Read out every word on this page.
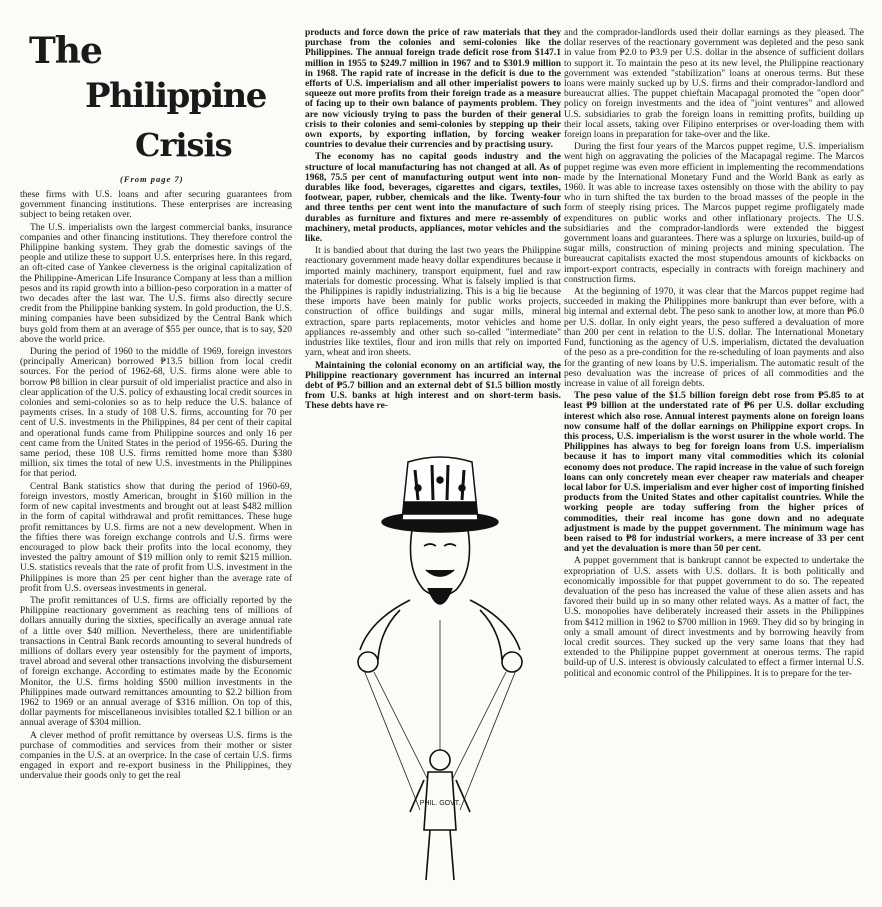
The
Philippine
Crisis
(From page 7)

these firms with U.S. loans and after securing guarantees from government financing institutions. These enterprises are increasing subject to being retaken over.

The U.S. imperialists own the largest commercial banks, insurance companies and other financing institutions. They therefore control the Philippine banking system. They grab the domestic savings of the people and utilize these to support U.S. enterprises here. In this regard, an oft-cited case of Yankee cleverness is the original capitalization of the Philippine-American Life Insurance Company at less than a million pesos and its rapid growth into a billion-peso corporation in a matter of two decades after the last war. The U.S. firms also directly secure credit from the Philippine banking system. In gold production, the U.S. mining companies have been subsidized by the Central Bank which buys gold from them at an average of $55 per ounce, that is to say, $20 above the world price.

During the period of 1960 to the middle of 1969, foreign investors (principally American) borrowed ₱13.5 billion from local credit sources. For the period of 1962-68, U.S. firms alone were able to borrow ₱8 billion in clear pursuit of old imperialist practice and also in clear application of the U.S. policy of exhausting local credit sources in colonies and semi-colonies so as to help reduce the U.S. balance of payments crises. In a study of 108 U.S. firms, accounting for 70 per cent of U.S. investments in the Philippines, 84 per cent of their capital and operational funds came from Philippine sources and only 16 per cent came from the United States in the period of 1956-65. During the same period, these 108 U.S. firms remitted home more than $380 million, six times the total of new U.S. investments in the Philippines for that period.

Central Bank statistics show that during the period of 1960-69, foreign investors, mostly American, brought in $160 million in the form of new capital investments and brought out at least $482 million in the form of capital withdrawal and profit remittances. These huge profit remittances by U.S. firms are not a new development. When in the fifties there was foreign exchange controls and U.S. firms were encouraged to plow back their profits into the local economy, they invested the paltry amount of $19 million only to remit $215 million. U.S. statistics reveals that the rate of profit from U.S. investment in the Philippines is more than 25 per cent higher than the average rate of profit from U.S. overseas investments in general.

The profit remittances of U.S. firms are officially reported by the Philippine reactionary government as reaching tens of millions of dollars annually during the sixties, specifically an average annual rate of a little over $40 million. Nevertheless, there are unidentifiable transactions in Central Bank records amounting to several hundreds of millions of dollars every year ostensibly for the payment of imports, travel abroad and several other transactions involving the disbursement of foreign exchange. According to estimates made by the Economic Monitor, the U.S. firms holding $500 million investments in the Philippines made outward remittances amounting to $2.2 billion from 1962 to 1969 or an annual average of $316 million. On top of this, dollar payments for miscellaneous invisibles totalled $2.1 billion or an annual average of $304 million.

A clever method of profit remittance by overseas U.S. firms is the purchase of commodities and services from their mother or sister companies in the U.S. at an overprice. In the case of certain U.S. firms engaged in export and re-export business in the Philippines, they undervalue their goods only to get the real

products and force down the price of raw materials that they purchase from the colonies and semi-colonies like the Philippines. The annual foreign trade deficit rose from $147.1 million in 1955 to $249.7 million in 1967 and to $301.9 million in 1968. The rapid rate of increase in the deficit is due to the efforts of U.S. imperialism and all other imperialist powers to squeeze out more profits from their foreign trade as a measure of facing up to their own balance of payments problem. They are now viciously trying to pass the burden of their general crisis to their colonies and semi-colonies by stepping up their own exports, by exporting inflation, by forcing weaker countries to devalue their currencies and by practising usury.

The economy has no capital goods industry and the structure of local manufacturing has not changed at all. As of 1968, 75.5 per cent of manufacturing output went into non-durables like food, beverages, cigarettes and cigars, textiles, footwear, paper, rubber, chemicals and the like. Twenty-four and three tenths per cent went into the manufacture of such durables as furniture and fixtures and mere re-assembly of machinery, metal products, appliances, motor vehicles and the like.

It is bandied about that during the last two years the Philippine reactionary government made heavy dollar expenditures because it imported mainly machinery, transport equipment, fuel and raw materials for domestic processing. What is falsely implied is that the Philippines is rapidly industrializing. This is a big lie because these imports have been mainly for public works projects, construction of office buildings and sugar mills, mineral extraction, spare parts replacements, motor vehicles and home appliances re-assembly and other such so-called "intermediate" industries like textiles, flour and iron mills that rely on imported yarn, wheat and iron sheets.

Maintaining the colonial economy on an artificial way, the Philippine reactionary government has incurred an internal debt of ₱5.7 billion and an external debt of $1.5 billion mostly from U.S. banks at high interest and on short-term basis. These debts have re-

and the comprador-landlords used their dollar earnings as they pleased. The dollar reserves of the reactionary government was depleted and the peso sank in value from ₱2.0 to ₱3.9 per U.S. dollar in the absence of sufficient dollars to support it. To maintain the peso at its new level, the Philippine reactionary government was extended "stabilization" loans at onerous terms. But these loans were mainly sucked up by U.S. firms and their comprador-landlord and bureaucrat allies. The puppet chieftain Macapagal promoted the "open door" policy on foreign investments and the idea of "joint ventures" and allowed U.S. subsidiaries to grab the foreign loans in remitting profits, building up their local assets, taking over Filipino enterprises or over-loading them with foreign loans in preparation for take-over and the like.

During the first four years of the Marcos puppet regime, U.S. imperialism went high on aggravating the policies of the Macapagal regime. The Marcos puppet regime was even more efficient in implementing the recommendations made by the International Monetary Fund and the World Bank as early as 1960. It was able to increase taxes ostensibly on those with the ability to pay who in turn shifted the tax burden to the broad masses of the people in the form of steeply rising prices. The Marcos puppet regime profligately made expenditures on public works and other inflationary projects. The U.S. subsidiaries and the comprador-landlords were extended the biggest government loans and guarantees. There was a splurge on luxuries, build-up of sugar mills, construction of mining projects and mining speculation. The bureaucrat capitalists exacted the most stupendous amounts of kickbacks on import-export contracts, especially in contracts with foreign machinery and construction firms.

At the beginning of 1970, it was clear that the Marcos puppet regime had succeeded in making the Philippines more bankrupt than ever before, with a big internal and external debt. The peso sank to another low, at more than ₱6.0 per U.S. dollar. In only eight years, the peso suffered a devaluation of more than 200 per cent in relation to the U.S. dollar. The International Monetary Fund, functioning as the agency of U.S. imperialism, dictated the devaluation of the peso as a pre-condition for the re-scheduling of loan payments and also for the granting of new loans by U.S. imperialism. The automatic result of the peso devaluation was the increase of prices of all commodities and the increase in value of all foreign debts.

The peso value of the $1.5 billion foreign debt rose from ₱5.85 to at least ₱9 billion at the understated rate of ₱6 per U.S. dollar excluding interest which also rose. Annual interest payments alone on foreign loans now consume half of the dollar earnings on Philippine export crops. In this process, U.S. imperialism is the worst usurer in the whole world. The Philippines has always to beg for foreign loans from U.S. imperialism because it has to import many vital commodities which its colonial economy does not produce. The rapid increase in the value of such foreign loans can only concretely mean ever cheaper raw materials and cheaper local labor for U.S. imperialism and ever higher cost of importing finished products from the United States and other capitalist countries. While the working people are today suffering from the higher prices of commodities, their real income has gone down and no adequate adjustment is made by the puppet government. The minimum wage has been raised to ₱8 for industrial workers, a mere increase of 33 per cent and yet the devaluation is more than 50 per cent.

A puppet government that is bankrupt cannot be expected to undertake the expropriation of U.S. assets with U.S. dollars. It is both politically and economically impossible for that puppet government to do so. The repeated devaluation of the peso has increased the value of these alien assets and has favored their build up in so many other related ways. As a matter of fact, the U.S. monopolies have deliberately increased their assets in the Philippines from $412 million in 1962 to $700 million in 1969. They did so by bringing in only a small amount of direct investments and by borrowing heavily from local credit sources. They sucked up the very same loans that they had extended to the Philippine puppet government at onerous terms. The rapid build-up of U.S. interest is obviously calculated to effect a firmer internal U.S. political and economic control of the Philippines. It is to prepare for the ter-

PHIL. GOVT.
